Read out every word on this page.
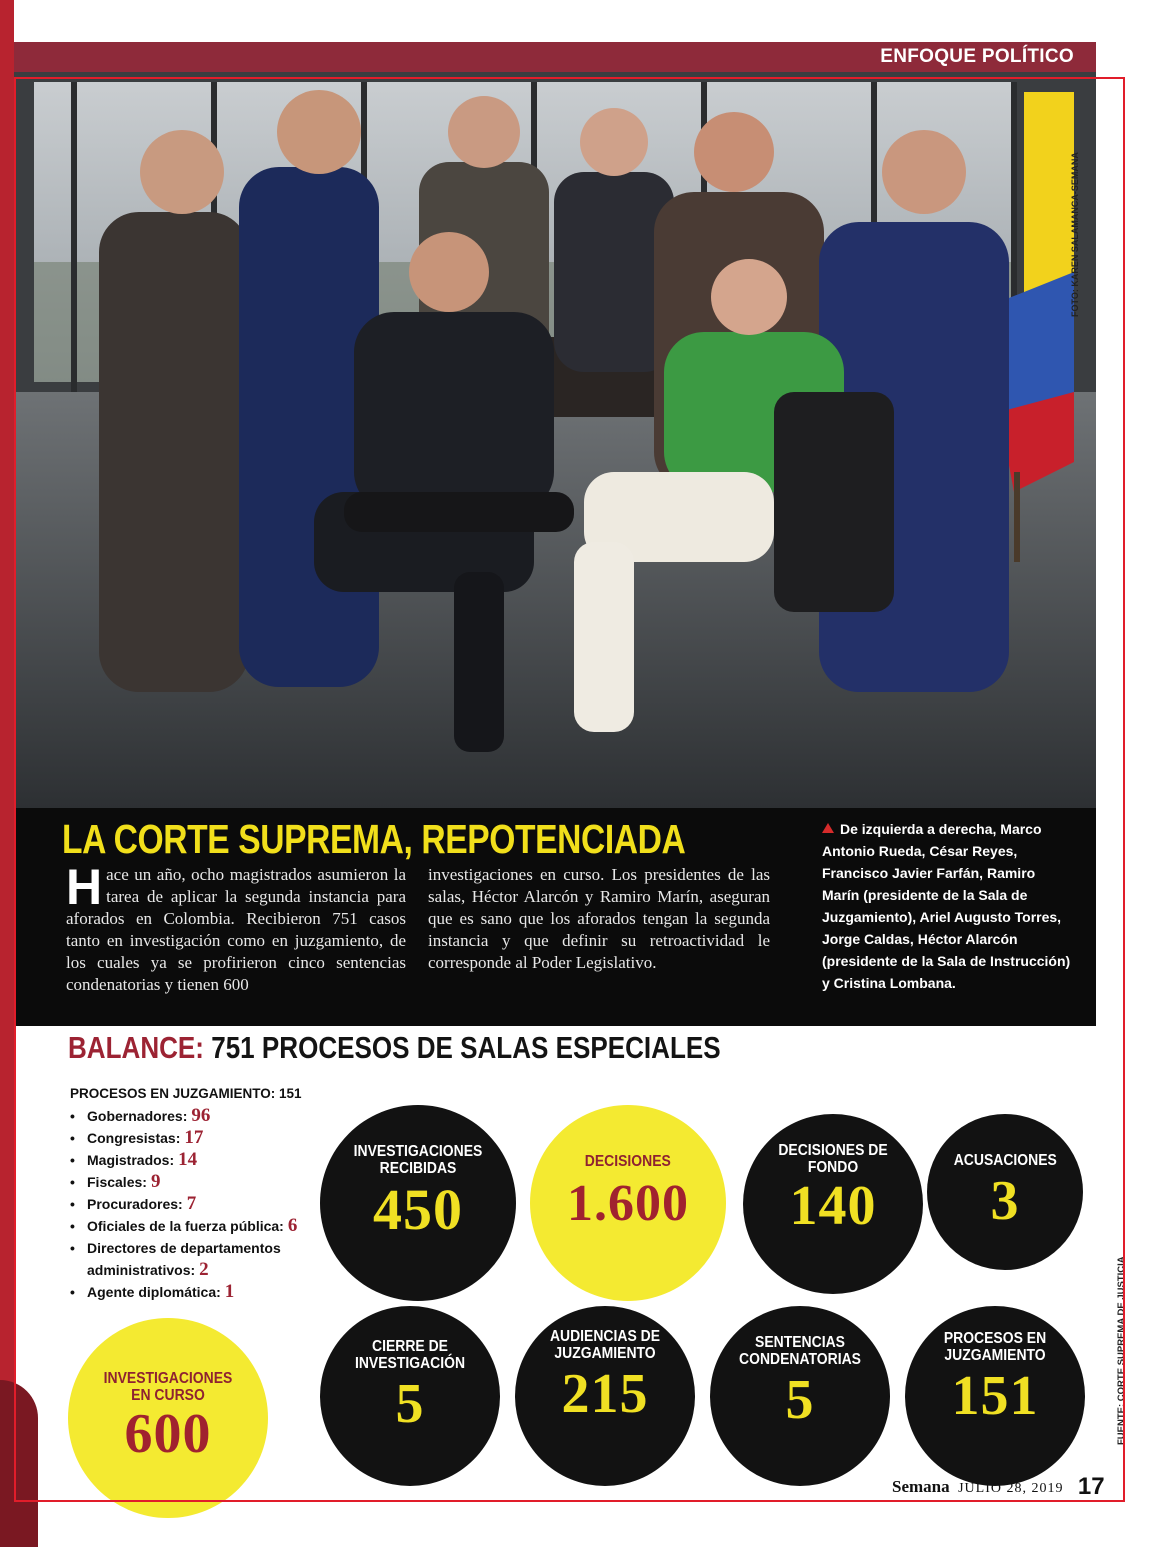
ENFOQUE POLÍTICO
FOTO: KAREN SALAMANCA-SEMANA
LA CORTE SUPREMA, REPOTENCIADA
Hace un año, ocho magistrados asumieron la tarea de aplicar la segunda instancia para aforados en Colombia. Recibieron 751 casos tanto en investigación como en juzgamiento, de los cuales ya se profirieron cinco sentencias condenatorias y tienen 600
investigaciones en curso. Los presidentes de las salas, Héctor Alarcón y Ramiro Marín, aseguran que es sano que los aforados tengan la segunda instancia y que definir su retroactividad le corresponde al Poder Legislativo.
De izquierda a derecha, Marco Antonio Rueda, César Reyes, Francisco Javier Farfán, Ramiro Marín (presidente de la Sala de Juzgamiento), Ariel Augusto Torres, Jorge Caldas, Héctor Alarcón (presidente de la Sala de Instrucción) y Cristina Lombana.
BALANCE: 751 PROCESOS DE SALAS ESPECIALES
PROCESOS EN JUZGAMIENTO: 151
• Gobernadores: 96
• Congresistas: 17
• Magistrados: 14
• Fiscales: 9
• Procuradores: 7
• Oficiales de la fuerza pública: 6
• Directores de departamentos administrativos: 2
• Agente diplomática: 1
INVESTIGACIONES RECIBIDAS
450
DECISIONES
1.600
DECISIONES DE FONDO
140
ACUSACIONES
3
INVESTIGACIONES EN CURSO
600
CIERRE DE INVESTIGACIÓN
5
AUDIENCIAS DE JUZGAMIENTO
215
SENTENCIAS CONDENATORIAS
5
PROCESOS EN JUZGAMIENTO
151	FUENTE: CORTE SUPREMA DE JUSTICIA
Semana JULIO 28, 2019 17
